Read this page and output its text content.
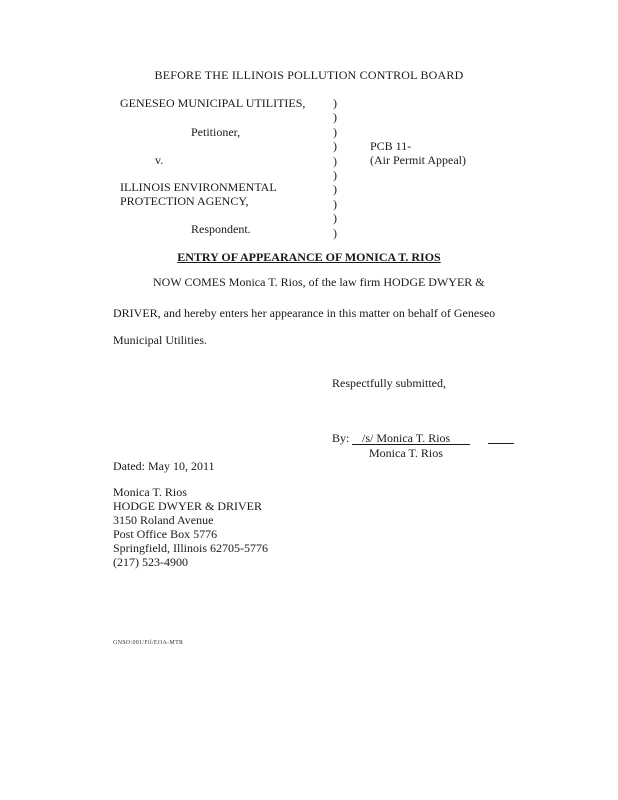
BEFORE THE ILLINOIS POLLUTION CONTROL BOARD
GENESEO MUNICIPAL UTILITIES,
Petitioner,
v.
ILLINOIS ENVIRONMENTAL
PROTECTION AGENCY,
Respondent.
)
)
)
)
)
)
)
)
)
)
PCB 11-
(Air Permit Appeal)
ENTRY OF APPEARANCE OF MONICA T. RIOS
NOW COMES Monica T. Rios, of the law firm HODGE DWYER &
DRIVER, and hereby enters her appearance in this matter on behalf of Geneseo
Municipal Utilities.
Respectfully submitted,
By: /s/ Monica T. Rios
Monica T. Rios
Dated: May 10, 2011
Monica T. Rios
HODGE DWYER & DRIVER
3150 Roland Avenue
Post Office Box 5776
Springfield, Illinois 62705-5776
(217) 523-4900
GNSO:001/Fil/EOA-MTR
